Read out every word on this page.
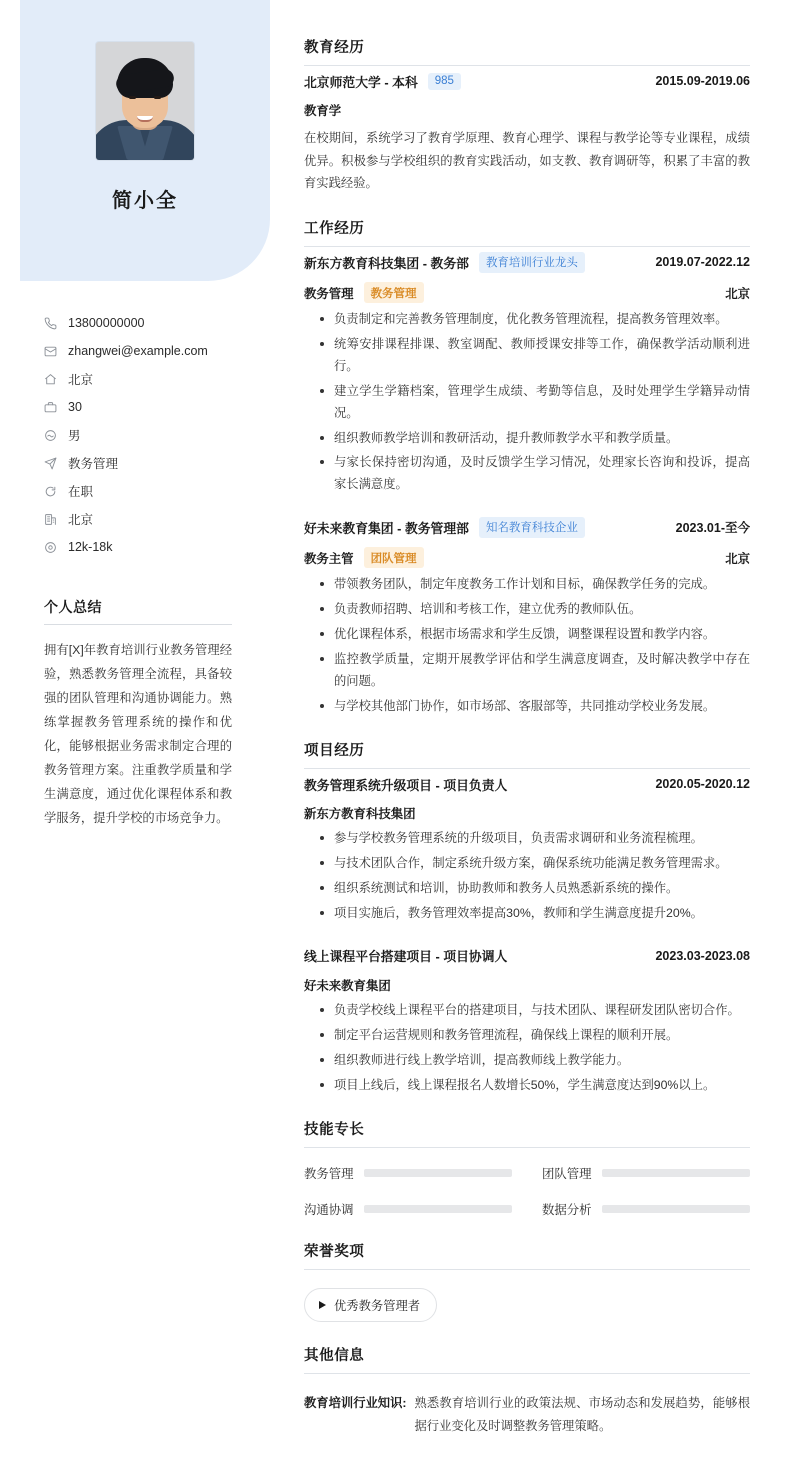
简小全
13800000000
zhangwei@example.com
北京
30
男
教务管理
在职
北京
12k-18k
个人总结
拥有[X]年教育培训行业教务管理经验，熟悉教务管理全流程，具备较强的团队管理和沟通协调能力。熟练掌握教务管理系统的操作和优化，能够根据业务需求制定合理的教务管理方案。注重教学质量和学生满意度，通过优化课程体系和教学服务，提升学校的市场竞争力。
教育经历
北京师范大学 - 本科	985	2015.09-2019.06
教育学
在校期间，系统学习了教育学原理、教育心理学、课程与教学论等专业课程，成绩优异。积极参与学校组织的教育实践活动，如支教、教育调研等，积累了丰富的教育实践经验。
工作经历
新东方教育科技集团 - 教务部	教育培训行业龙头	2019.07-2022.12
教务管理	教务管理	北京
负责制定和完善教务管理制度，优化教务管理流程，提高教务管理效率。
统筹安排课程排课、教室调配、教师授课安排等工作，确保教学活动顺利进行。
建立学生学籍档案，管理学生成绩、考勤等信息，及时处理学生学籍异动情况。
组织教师教学培训和教研活动，提升教师教学水平和教学质量。
与家长保持密切沟通，及时反馈学生学习情况，处理家长咨询和投诉，提高家长满意度。
好未来教育集团 - 教务管理部	知名教育科技企业	2023.01-至今
教务主管	团队管理	北京
带领教务团队，制定年度教务工作计划和目标，确保教学任务的完成。
负责教师招聘、培训和考核工作，建立优秀的教师队伍。
优化课程体系，根据市场需求和学生反馈，调整课程设置和教学内容。
监控教学质量，定期开展教学评估和学生满意度调查，及时解决教学中存在的问题。
与学校其他部门协作，如市场部、客服部等，共同推动学校业务发展。
项目经历
教务管理系统升级项目 - 项目负责人	2020.05-2020.12
新东方教育科技集团
参与学校教务管理系统的升级项目，负责需求调研和业务流程梳理。
与技术团队合作，制定系统升级方案，确保系统功能满足教务管理需求。
组织系统测试和培训，协助教师和教务人员熟悉新系统的操作。
项目实施后，教务管理效率提高30%，教师和学生满意度提升20%。
线上课程平台搭建项目 - 项目协调人	2023.03-2023.08
好未来教育集团
负责学校线上课程平台的搭建项目，与技术团队、课程研发团队密切合作。
制定平台运营规则和教务管理流程，确保线上课程的顺利开展。
组织教师进行线上教学培训，提高教师线上教学能力。
项目上线后，线上课程报名人数增长50%，学生满意度达到90%以上。
技能专长
教务管理	团队管理
沟通协调	数据分析
荣誉奖项
优秀教务管理者
其他信息
教育培训行业知识: 熟悉教育培训行业的政策法规、市场动态和发展趋势，能够根据行业变化及时调整教务管理策略。
